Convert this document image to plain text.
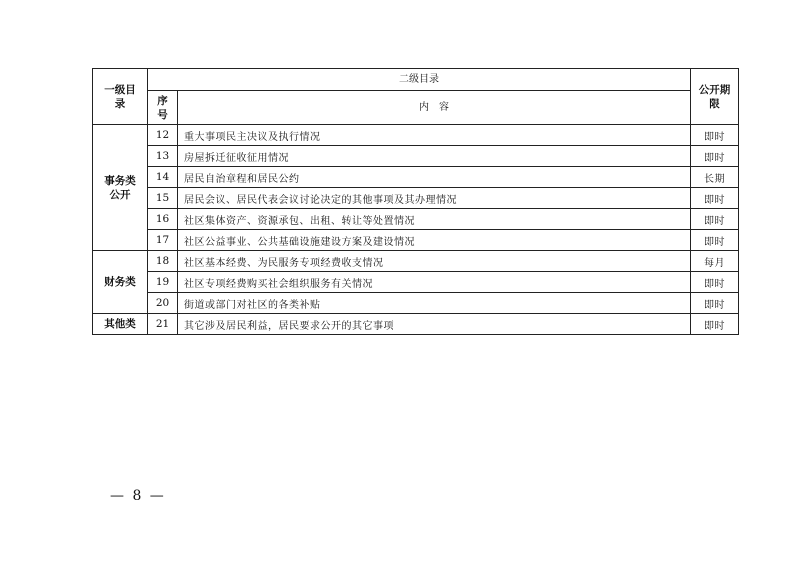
一级目
录	二级目录		公开期
限

	序
号	内　容	

事务类
公开	12	重大事项民主决议及执行情况	即时
	13	房屋拆迁征收征用情况	即时
	14	居民自治章程和居民公约	长期
	15	居民会议、居民代表会议讨论决定的其他事项及其办理情况	即时
	16	社区集体资产、资源承包、出租、转让等处置情况	即时
	17	社区公益事业、公共基础设施建设方案及建设情况	即时

财务类	18	社区基本经费、为民服务专项经费收支情况	每月
	19	社区专项经费购买社会组织服务有关情况	即时
	20	街道或部门对社区的各类补贴	即时

其他类	21	其它涉及居民利益，居民要求公开的其它事项	即时
— 8 —
